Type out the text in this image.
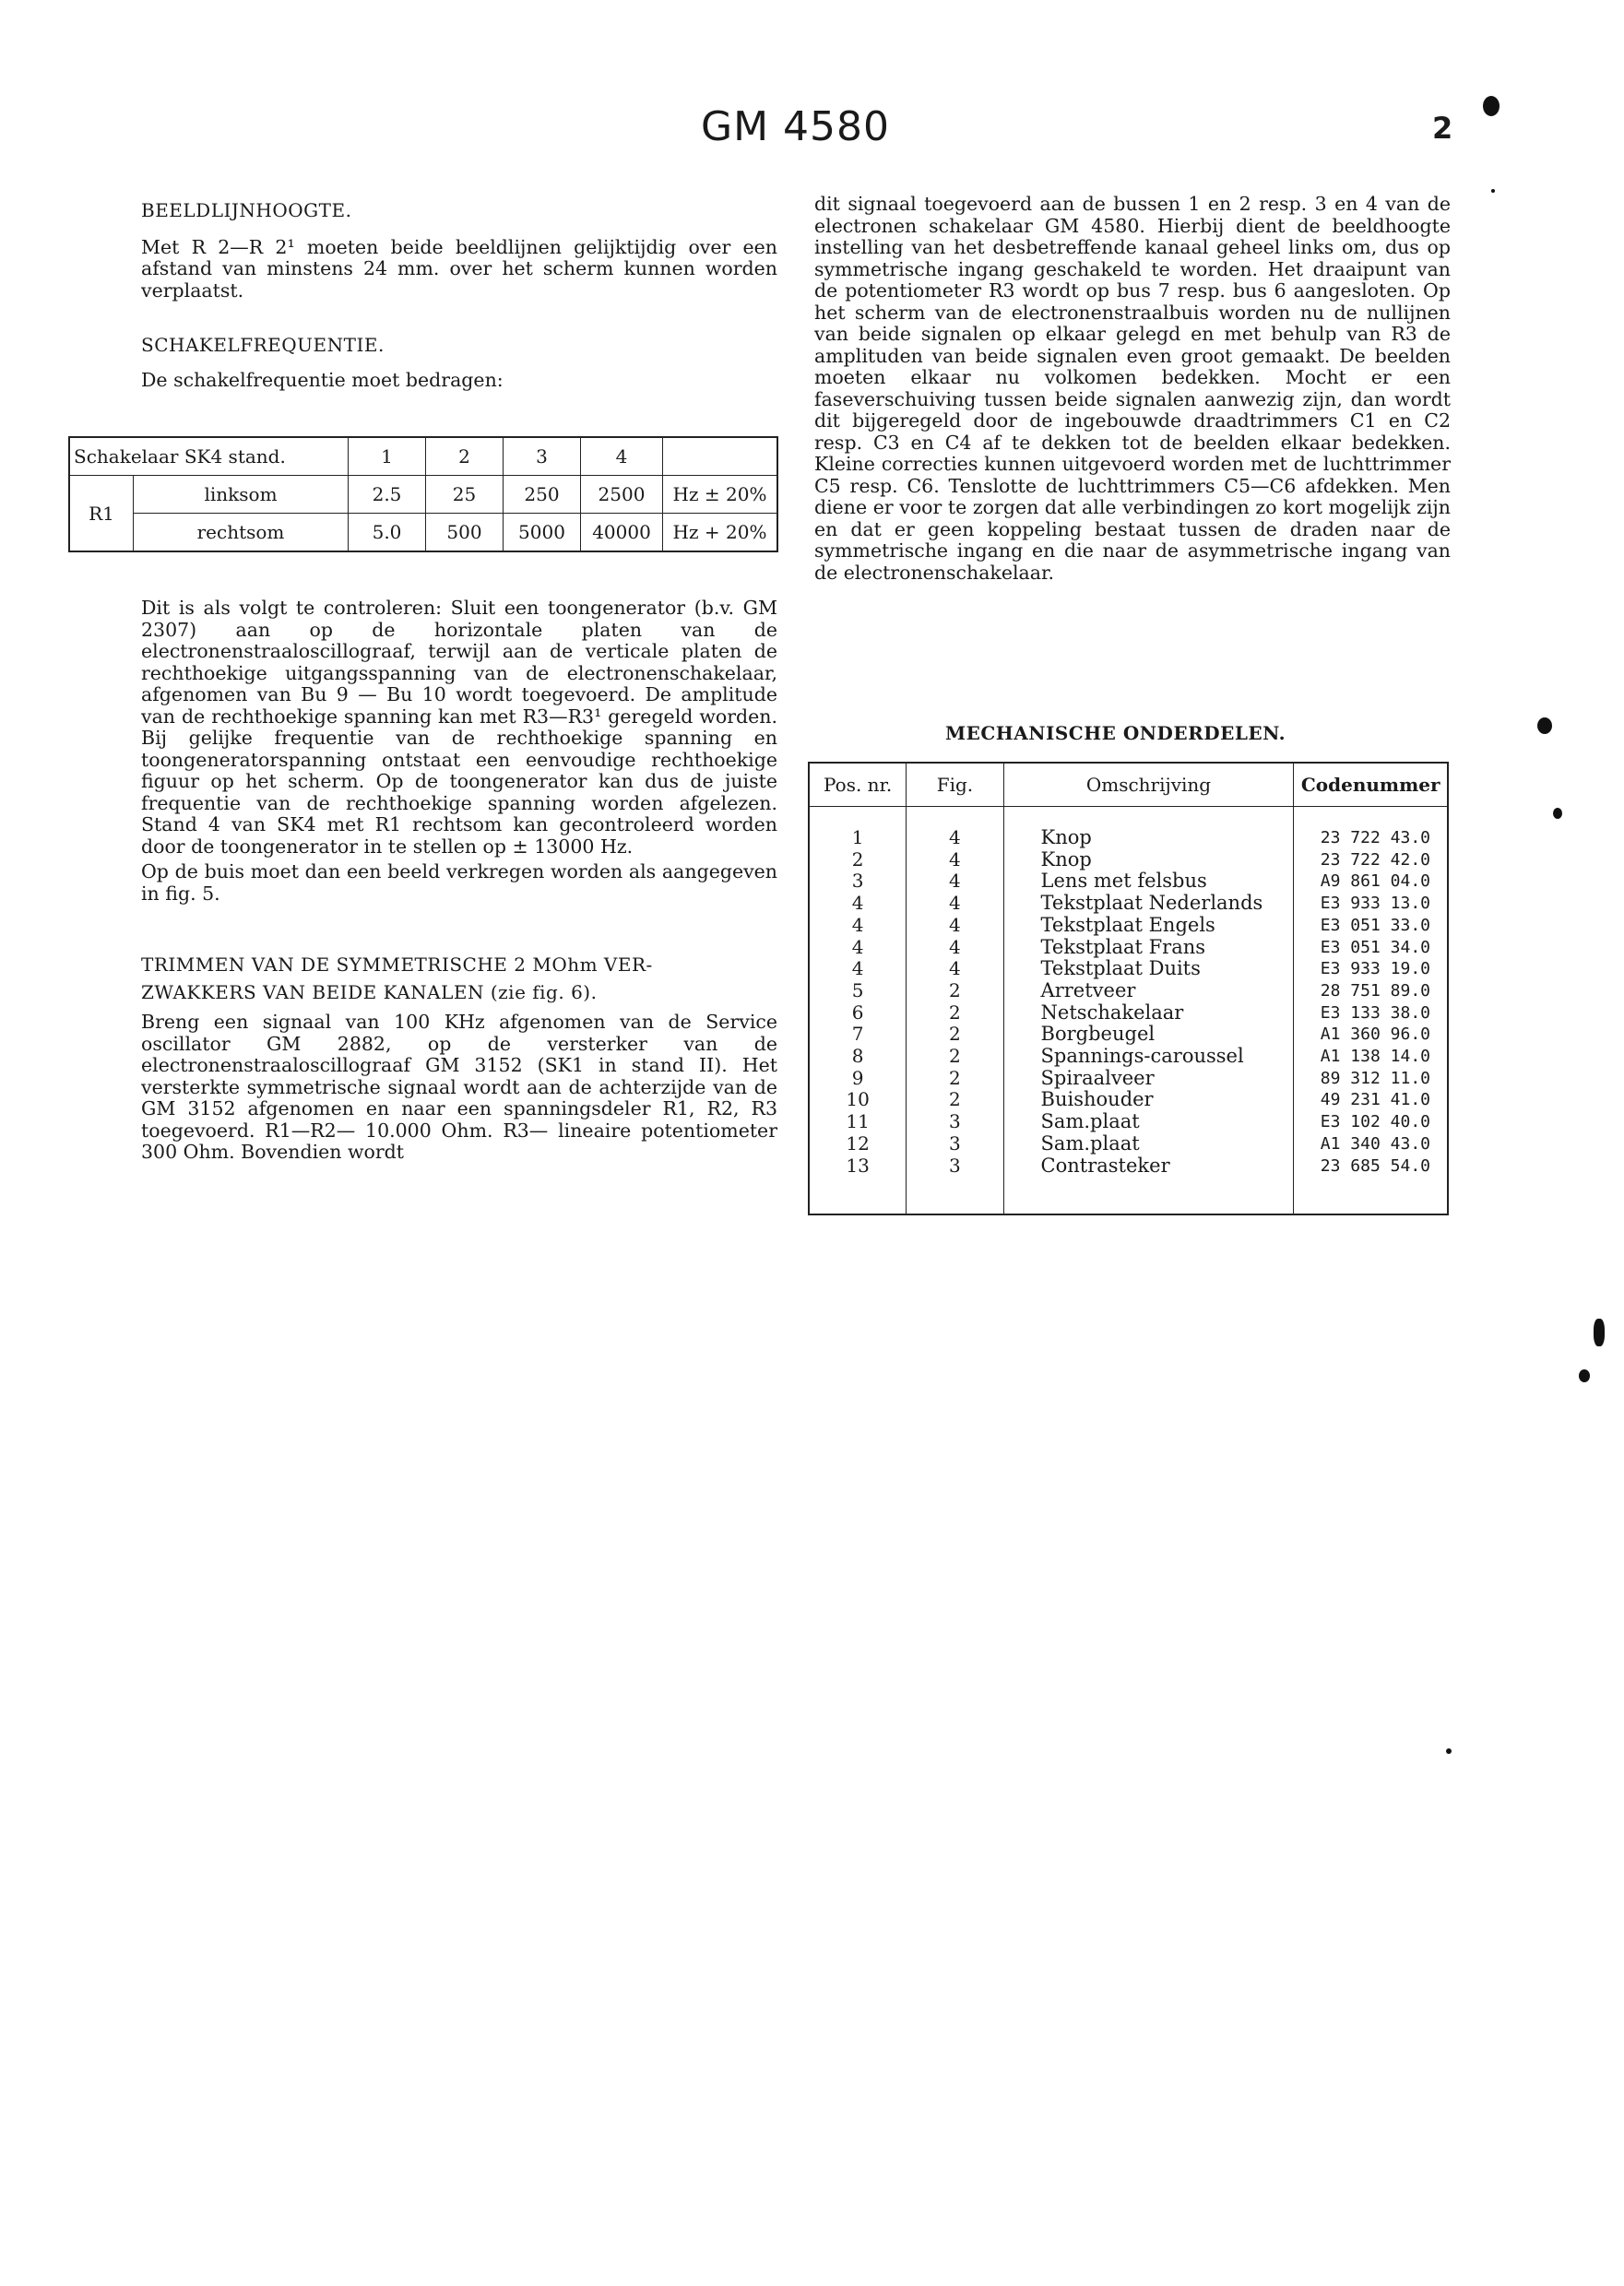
GM 4580	2
BEELDLIJNHOOGTE.

Met R 2—R 2¹ moeten beide beeldlijnen gelijktijdig over een afstand van minstens 24 mm. over het scherm kunnen worden verplaatst.

SCHAKELFREQUENTIE.

De schakelfrequentie moet bedragen:

Schakelaar SK4 stand.		1	2	3	4	
R1	linksom	2.5	25	250	2500	Hz ± 20%
	rechtsom	5.0	500	5000	40000	Hz + 20%

Dit is als volgt te controleren: Sluit een toongenerator (b.v. GM 2307) aan op de horizontale platen van de electronenstraaloscillograaf, terwijl aan de verticale platen de rechthoekige uitgangsspanning van de electronenschakelaar, afgenomen van Bu 9 — Bu 10 wordt toegevoerd. De amplitude van de rechthoekige spanning kan met R3—R3¹ geregeld worden. Bij gelijke frequentie van de rechthoekige spanning en toongeneratorspanning ontstaat een eenvoudige rechthoekige figuur op het scherm. Op de toongenerator kan dus de juiste frequentie van de rechthoekige spanning worden afgelezen. Stand 4 van SK4 met R1 rechtsom kan gecontroleerd worden door de toongenerator in te stellen op ± 13000 Hz.

Op de buis moet dan een beeld verkregen worden als aangegeven in fig. 5.

TRIMMEN VAN DE SYMMETRISCHE 2 MOhm VER-
ZWAKKERS VAN BEIDE KANALEN (zie fig. 6).

Breng een signaal van 100 KHz afgenomen van de Service oscillator GM 2882, op de versterker van de electronenstraaloscillograaf GM 3152 (SK1 in stand II). Het versterkte symmetrische signaal wordt aan de achterzijde van de GM 3152 afgenomen en naar een spanningsdeler R1, R2, R3 toegevoerd. R1—R2— 10.000 Ohm. R3— lineaire potentiometer 300 Ohm. Bovendien wordt

dit signaal toegevoerd aan de bussen 1 en 2 resp. 3 en 4 van de electronen schakelaar GM 4580. Hierbij dient de beeldhoogte instelling van het desbetreffende kanaal geheel links om, dus op symmetrische ingang geschakeld te worden. Het draaipunt van de potentiometer R3 wordt op bus 7 resp. bus 6 aangesloten. Op het scherm van de electronenstraalbuis worden nu de nullijnen van beide signalen op elkaar gelegd en met behulp van R3 de amplituden van beide signalen even groot gemaakt. De beelden moeten elkaar nu volkomen bedekken. Mocht er een faseverschuiving tussen beide signalen aanwezig zijn, dan wordt dit bijgeregeld door de ingebouwde draadtrimmers C1 en C2 resp. C3 en C4 af te dekken tot de beelden elkaar bedekken. Kleine correcties kunnen uitgevoerd worden met de luchttrimmer C5 resp. C6. Tenslotte de luchttrimmers C5—C6 afdekken. Men diene er voor te zorgen dat alle verbindingen zo kort mogelijk zijn en dat er geen koppeling bestaat tussen de draden naar de symmetrische ingang en die naar de asymmetrische ingang van de electronenschakelaar.

MECHANISCHE ONDERDELEN.
Pos. nr.	Fig.	Omschrijving	Codenummer

1	4	Knop	23 722 43.0
2	4	Knop	23 722 42.0
3	4	Lens met felsbus	A9 861 04.0
4	4	Tekstplaat Nederlands	E3 933 13.0
4	4	Tekstplaat Engels	E3 051 33.0
4	4	Tekstplaat Frans	E3 051 34.0
4	4	Tekstplaat Duits	E3 933 19.0
5	2	Arretveer	28 751 89.0
6	2	Netschakelaar	E3 133 38.0
7	2	Borgbeugel	A1 360 96.0
8	2	Spannings-caroussel	A1 138 14.0
9	2	Spiraalveer	89 312 11.0
10	2	Buishouder	49 231 41.0
11	3	Sam.plaat	E3 102 40.0
12	3	Sam.plaat	A1 340 43.0
13	3	Contrasteker	23 685 54.0
